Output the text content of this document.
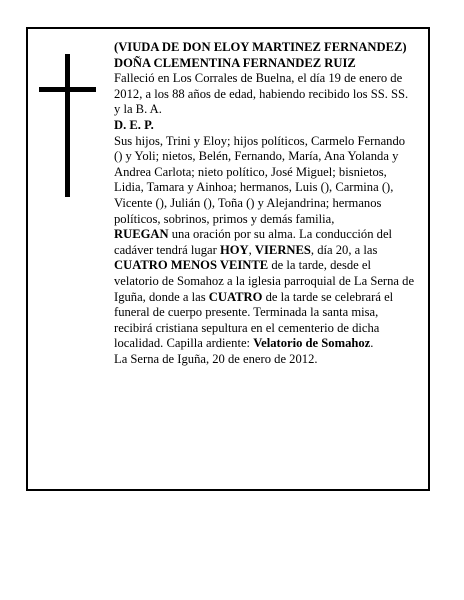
(VIUDA DE DON ELOY MARTINEZ FERNANDEZ)

DOÑA CLEMENTINA FERNANDEZ RUIZ

Falleció en Los Corrales de Buelna, el día 19 de enero de 2012, a los 88 años de edad, habiendo recibido los SS. SS. y la B. A.

D. E. P.

Sus hijos, Trini y Eloy; hijos políticos, Carmelo Fernando () y Yoli; nietos, Belén, Fernando, María, Ana Yolanda y Andrea Carlota; nieto político, José Miguel; bisnietos, Lidia, Tamara y Ainhoa; hermanos, Luis (), Carmina (), Vicente (), Julián (), Toña () y Alejandrina; hermanos políticos, sobrinos, primos y demás familia,

RUEGAN una oración por su alma. La conducción del cadáver tendrá lugar HOY, VIERNES, día 20, a las CUATRO MENOS VEINTE de la tarde, desde el velatorio de Somahoz a la iglesia parroquial de La Serna de Iguña, donde a las CUATRO de la tarde se celebrará el funeral de cuerpo presente. Terminada la santa misa, recibirá cristiana sepultura en el cementerio de dicha localidad. Capilla ardiente: Velatorio de Somahoz.

La Serna de Iguña, 20 de enero de 2012.
